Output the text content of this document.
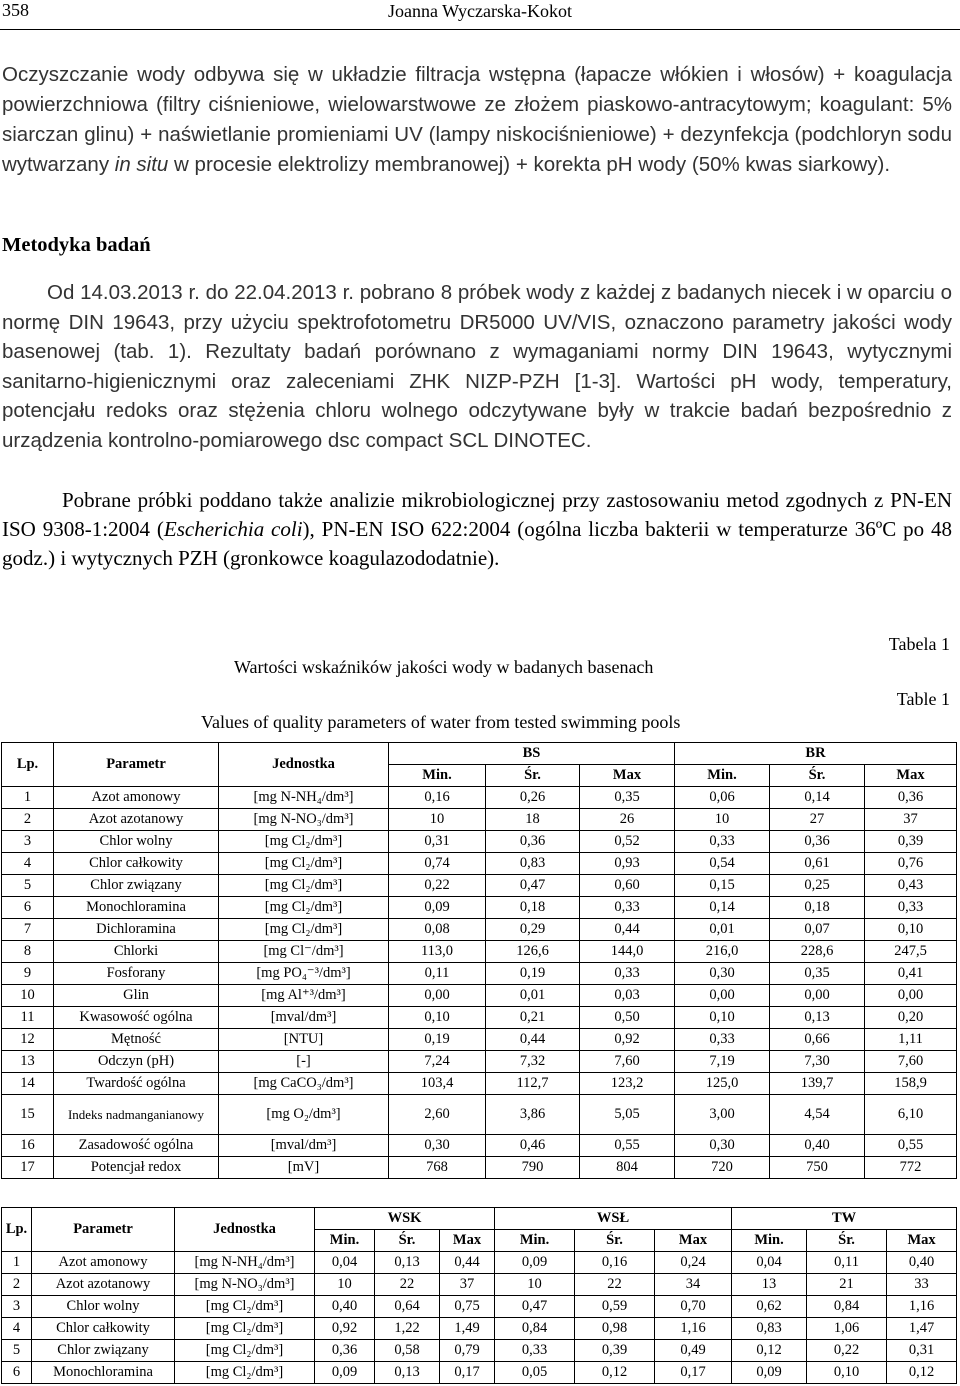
358	Joanna Wyczarska-Kokot

Oczyszczanie wody odbywa się w układzie filtracja wstępna (łapacze włókien i włosów) + koagulacja powierzchniowa (filtry ciśnieniowe, wielowarstwowe ze złożem piaskowo-antracytowym; koagulant: 5% siarczan glinu) + naświetlanie promieniami UV (lampy niskociśnieniowe) + dezynfekcja (podchloryn sodu wytwarzany in situ w procesie elektrolizy membranowej) + korekta pH wody (50% kwas siarkowy).

Metodyka badań

Od 14.03.2013 r. do 22.04.2013 r. pobrano 8 próbek wody z każdej z badanych niecek i w oparciu o normę DIN 19643, przy użyciu spektrofotometru DR5000 UV/VIS, oznaczono parametry jakości wody basenowej (tab. 1). Rezultaty badań porównano z wymaganiami normy DIN 19643, wytycznymi sanitarno-higienicznymi oraz zaleceniami ZHK NIZP-PZH [1-3]. Wartości pH wody, temperatury, potencjału redoks oraz stężenia chloru wolnego odczytywane były w trakcie badań bezpośrednio z urządzenia kontrolno-pomiarowego dsc compact SCL DINOTEC.

Pobrane próbki poddano także analizie mikrobiologicznej przy zastosowaniu metod zgodnych z PN-EN ISO 9308-1:2004 (Escherichia coli), PN-EN ISO 622:2004 (ogólna liczba bakterii w temperaturze 36ºC po 48 godz.) i wytycznych PZH (gronkowce koagulazododatnie).

Tabela 1
Wartości wskaźników jakości wody w badanych basenach
Table 1
Values of quality parameters of water from tested swimming pools
Lp.	Parametr	Jednostka	BS			BR		
			Min.	Śr.	Max	Min.	Śr.	Max
1	Azot amonowy	[mg N-NH₄/dm³]	0,16	0,26	0,35	0,06	0,14	0,36
2	Azot azotanowy	[mg N-NO₃/dm³]	10	18	26	10	27	37
3	Chlor wolny	[mg Cl₂/dm³]	0,31	0,36	0,52	0,33	0,36	0,39
4	Chlor całkowity	[mg Cl₂/dm³]	0,74	0,83	0,93	0,54	0,61	0,76
5	Chlor związany	[mg Cl₂/dm³]	0,22	0,47	0,60	0,15	0,25	0,43
6	Monochloramina	[mg Cl₂/dm³]	0,09	0,18	0,33	0,14	0,18	0,33
7	Dichloramina	[mg Cl₂/dm³]	0,08	0,29	0,44	0,01	0,07	0,10
8	Chlorki	[mg Cl⁻/dm³]	113,0	126,6	144,0	216,0	228,6	247,5
9	Fosforany	[mg PO₄⁻³/dm³]	0,11	0,19	0,33	0,30	0,35	0,41
10	Glin	[mg Al⁺³/dm³]	0,00	0,01	0,03	0,00	0,00	0,00
11	Kwasowość ogólna	[mval/dm³]	0,10	0,21	0,50	0,10	0,13	0,20
12	Mętność	[NTU]	0,19	0,44	0,92	0,33	0,66	1,11
13	Odczyn (pH)	[-]	7,24	7,32	7,60	7,19	7,30	7,60
14	Twardość ogólna	[mg CaCO₃/dm³]	103,4	112,7	123,2	125,0	139,7	158,9
15	Indeks nadmanganianowy	[mg O₂/dm³]	2,60	3,86	5,05	3,00	4,54	6,10
16	Zasadowość ogólna	[mval/dm³]	0,30	0,46	0,55	0,30	0,40	0,55
17	Potencjał redox	[mV]	768	790	804	720	750	772
Lp.	Parametr	Jednostka	WSK			WSŁ			TW		
			Min.	Śr.	Max	Min.	Śr.	Max	Min.	Śr.	Max
1	Azot amonowy	[mg N-NH₄/dm³]	0,04	0,13	0,44	0,09	0,16	0,24	0,04	0,11	0,40
2	Azot azotanowy	[mg N-NO₃/dm³]	10	22	37	10	22	34	13	21	33
3	Chlor wolny	[mg Cl₂/dm³]	0,40	0,64	0,75	0,47	0,59	0,70	0,62	0,84	1,16
4	Chlor całkowity	[mg Cl₂/dm³]	0,92	1,22	1,49	0,84	0,98	1,16	0,83	1,06	1,47
5	Chlor związany	[mg Cl₂/dm³]	0,36	0,58	0,79	0,33	0,39	0,49	0,12	0,22	0,31
6	Monochloramina	[mg Cl₂/dm³]	0,09	0,13	0,17	0,05	0,12	0,17	0,09	0,10	0,12
